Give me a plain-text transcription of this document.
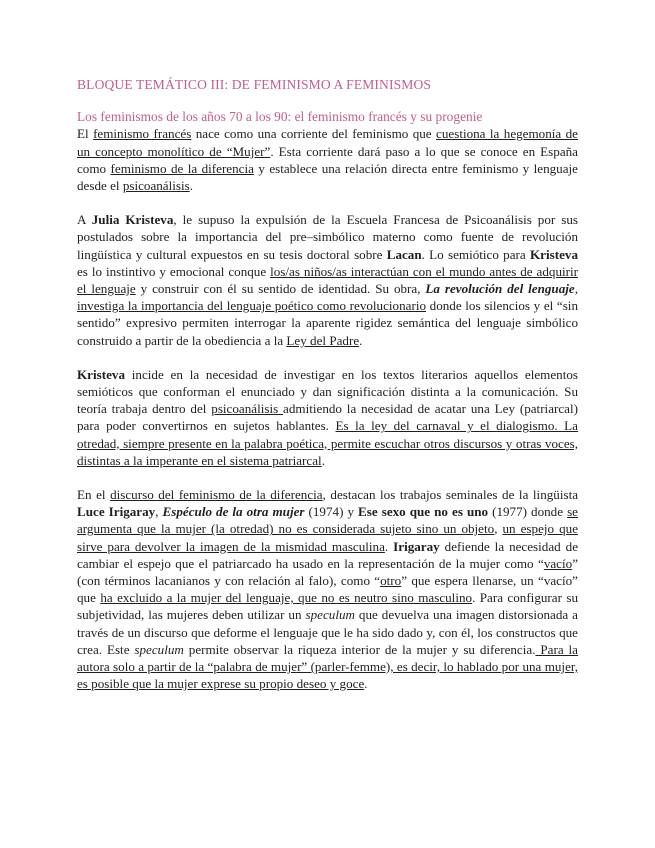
BLOQUE TEMÁTICO III: DE FEMINISMO A FEMINISMOS
Los feminismos de los años 70 a los 90: el feminismo francés y su progenie

El feminismo francés nace como una corriente del feminismo que cuestiona la hegemonía de un concepto monolítico de “Mujer”. Esta corriente dará paso a lo que se conoce en España como feminismo de la diferencia y establece una relación directa entre feminismo y lenguaje desde el psicoanálisis.

A Julia Kristeva, le supuso la expulsión de la Escuela Francesa de Psicoanálisis por sus postulados sobre la importancia del pre–simbólico materno como fuente de revolución lingüística y cultural expuestos en su tesis doctoral sobre Lacan. Lo semiótico para Kristeva es lo instintivo y emocional conque los/as niños/as interactúan con el mundo antes de adquirir el lenguaje y construir con él su sentido de identidad. Su obra, La revolución del lenguaje, investiga la importancia del lenguaje poético como revolucionario donde los silencios y el “sin sentido” expresivo permiten interrogar la aparente rigidez semántica del lenguaje simbólico construido a partir de la obediencia a la Ley del Padre.

Kristeva incide en la necesidad de investigar en los textos literarios aquellos elementos semióticos que conforman el enunciado y dan significación distinta a la comunicación. Su teoría trabaja dentro del psicoanálisis admitiendo la necesidad de acatar una Ley (patriarcal) para poder convertirnos en sujetos hablantes. Es la ley del carnaval y el dialogismo. La otredad, siempre presente en la palabra poética, permite escuchar otros discursos y otras voces, distintas a la imperante en el sistema patriarcal.

En el discurso del feminismo de la diferencia, destacan los trabajos seminales de la lingüista Luce Irigaray, Espéculo de la otra mujer (1974) y Ese sexo que no es uno (1977) donde se argumenta que la mujer (la otredad) no es considerada sujeto sino un objeto, un espejo que sirve para devolver la imagen de la mismidad masculina. Irigaray defiende la necesidad de cambiar el espejo que el patriarcado ha usado en la representación de la mujer como “vacío” (con términos lacanianos y con relación al falo), como “otro” que espera llenarse, un “vacío” que ha excluido a la mujer del lenguaje, que no es neutro sino masculino. Para configurar su subjetividad, las mujeres deben utilizar un speculum que devuelva una imagen distorsionada a través de un discurso que deforme el lenguaje que le ha sido dado y, con él, los constructos que crea. Este speculum permite observar la riqueza interior de la mujer y su diferencia. Para la autora solo a partir de la “palabra de mujer” (parler-femme), es decir, lo hablado por una mujer, es posible que la mujer exprese su propio deseo y goce.
